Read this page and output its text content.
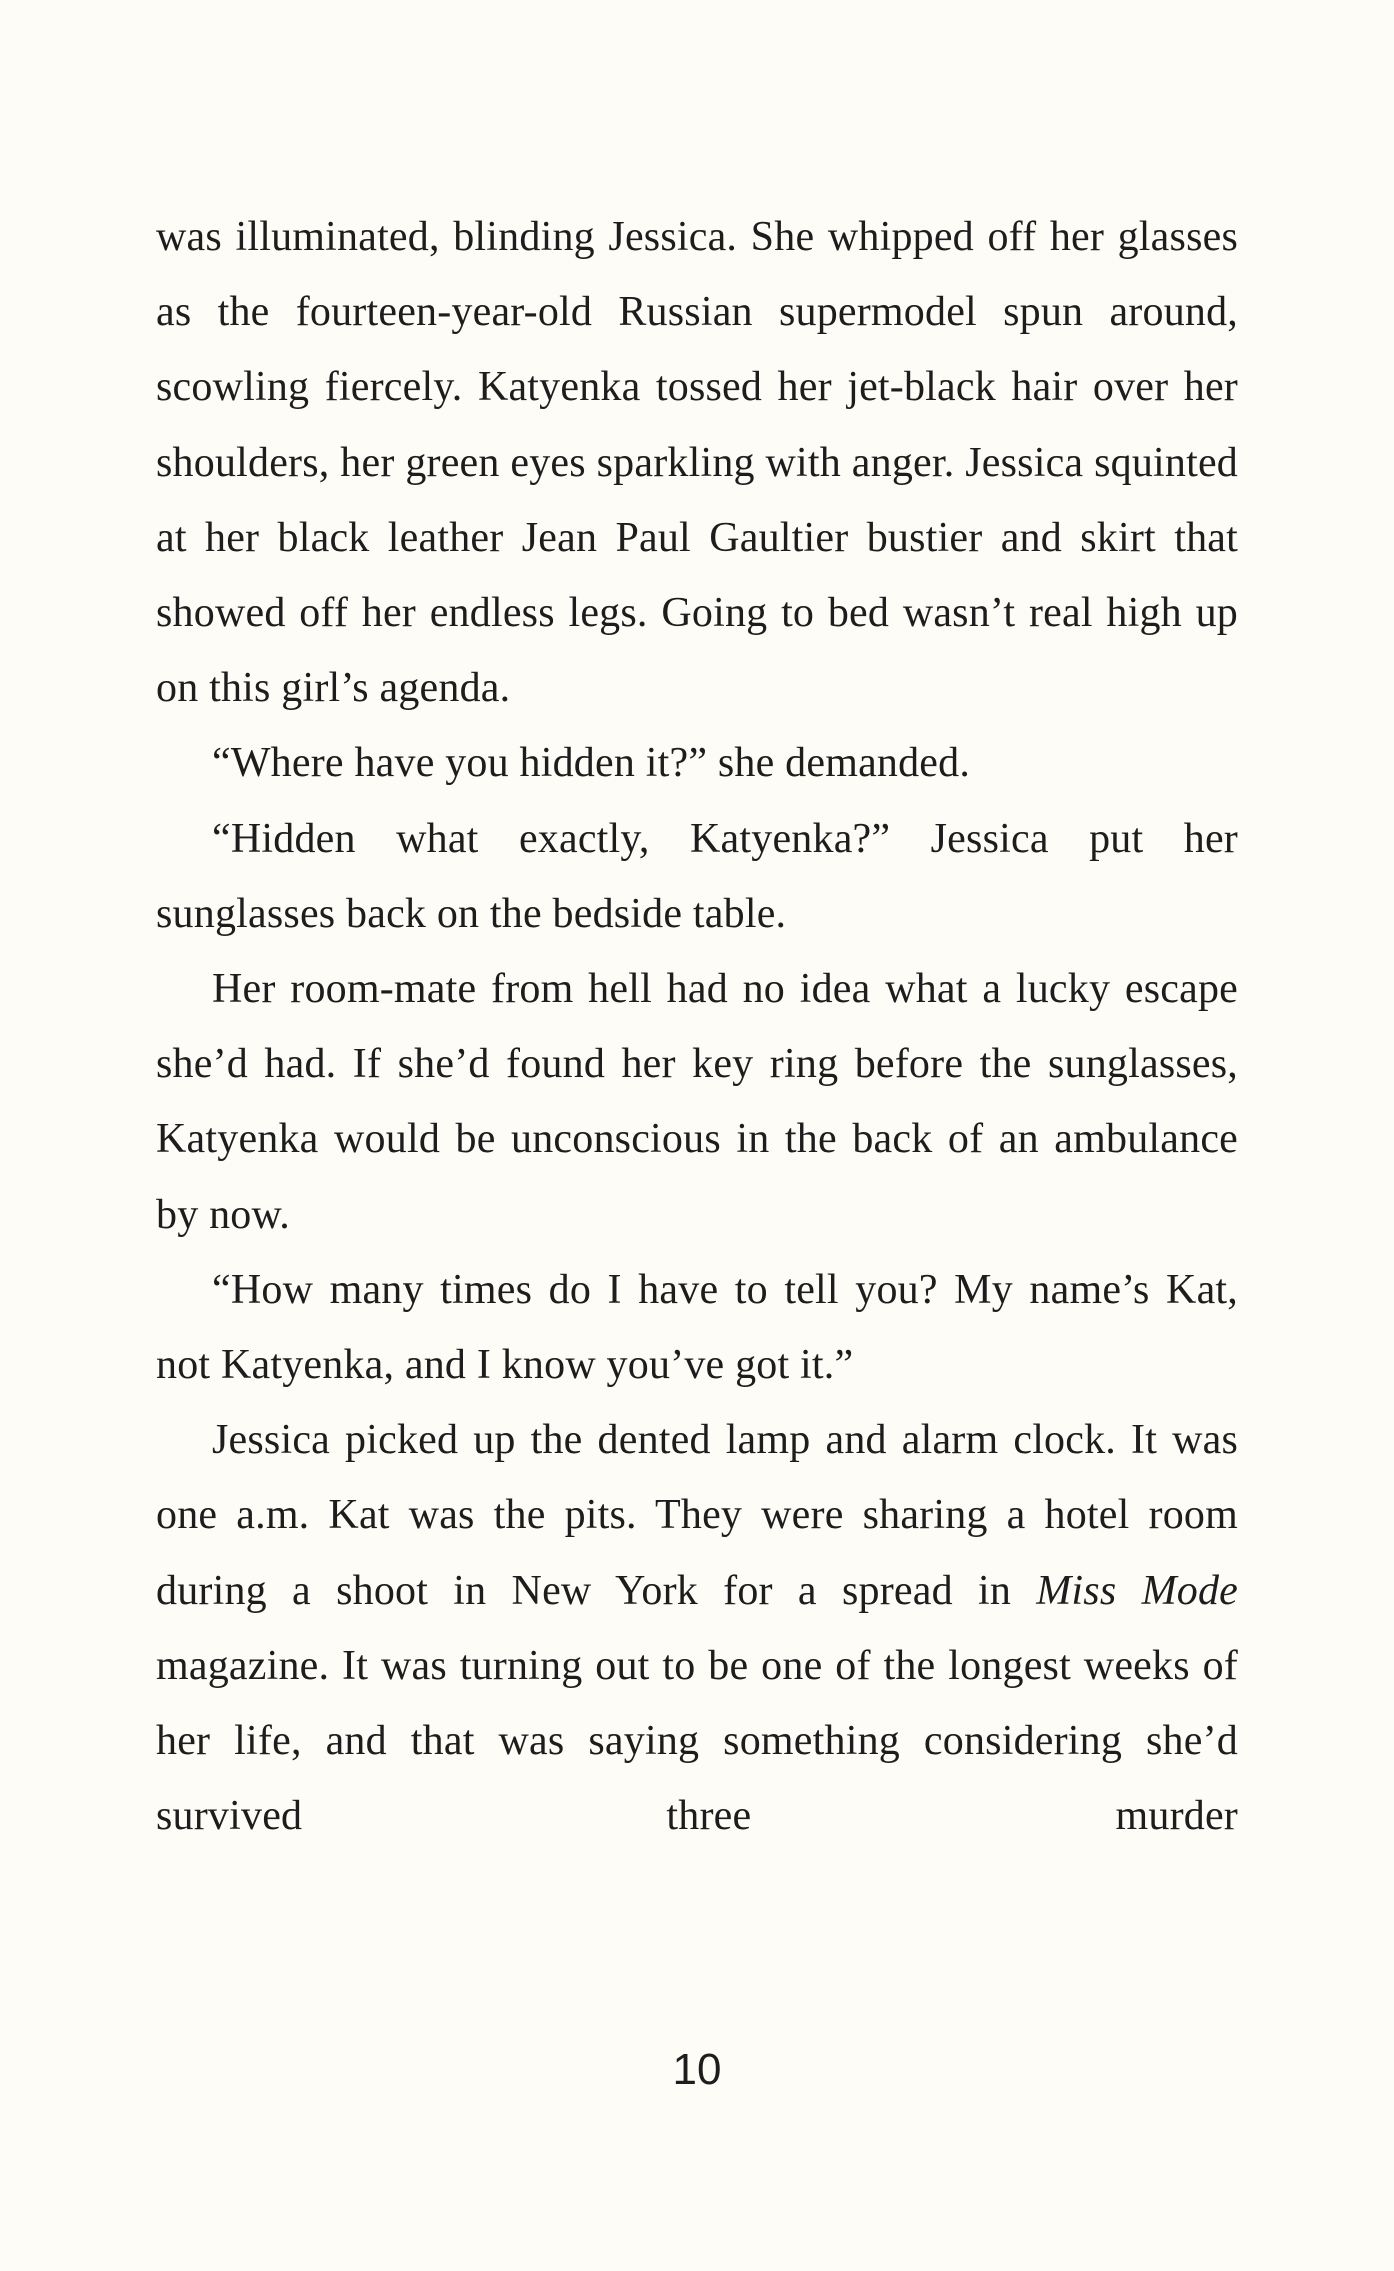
was illuminated, blinding Jessica. She whipped off her glasses as the fourteen-year-old Russian supermodel spun around, scowling fiercely. Katyenka tossed her jet-black hair over her shoulders, her green eyes sparkling with anger. Jessica squinted at her black leather Jean Paul Gaultier bustier and skirt that showed off her endless legs. Going to bed wasn’t real high up on this girl’s agenda.

“Where have you hidden it?” she demanded.

“Hidden what exactly, Katyenka?” Jessica put her sunglasses back on the bedside table.

Her room-mate from hell had no idea what a lucky escape she’d had. If she’d found her key ring before the sunglasses, Katyenka would be unconscious in the back of an ambulance by now.

“How many times do I have to tell you? My name’s Kat, not Katyenka, and I know you’ve got it.”

Jessica picked up the dented lamp and alarm clock. It was one a.m. Kat was the pits. They were sharing a hotel room during a shoot in New York for a spread in Miss Mode magazine. It was turning out to be one of the longest weeks of her life, and that was saying something considering she’d survived three murder

10
